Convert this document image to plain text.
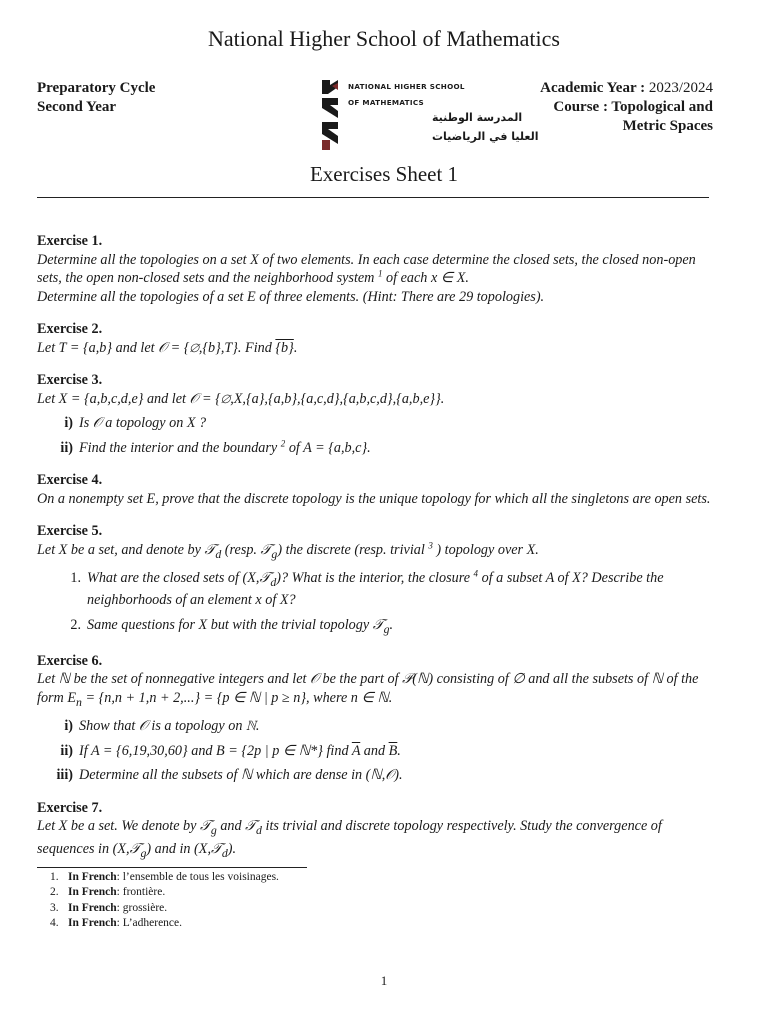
National Higher School of Mathematics
Preparatory Cycle
Second Year
NATIONAL HIGHER SCHOOL
OF MATHEMATICS
المدرسة الوطنية
العليا في الرياضيات
Academic Year : 2023/2024
Course : Topological and
Metric Spaces
Exercises Sheet 1
Exercise 1.
Determine all the topologies on a set X of two elements. In each case determine the closed sets, the closed non-open sets, the open non-closed sets and the neighborhood system $^1$ of each x ∈ X.
Determine all the topologies of a set E of three elements. (Hint: There are 29 topologies).
Exercise 2.
Let T = {a,b} and let 𝒪 = {∅,{b},T}. Find {b}.
Exercise 3.
Let X = {a,b,c,d,e} and let 𝒪 = {∅,X,{a},{a,b},{a,c,d},{a,b,c,d},{a,b,e}}.
i) Is 𝒪 a topology on X ?
ii) Find the interior and the boundary $^2$ of A = {a,b,c}.
Exercise 4.
On a nonempty set E, prove that the discrete topology is the unique topology for which all the singletons are open sets.
Exercise 5.
Let X be a set, and denote by 𝒯$_d$ (resp. 𝒯$_g$) the discrete (resp. trivial $^3$ ) topology over X.
1. What are the closed sets of (X,𝒯$_d$)? What is the interior, the closure $^4$ of a subset A of X? Describe the neighborhoods of an element x of X?
2. Same questions for X but with the trivial topology 𝒯$_g$.
Exercise 6.
Let ℕ be the set of nonnegative integers and let 𝒪 be the part of 𝒫(ℕ) consisting of ∅ and all the subsets of ℕ of the form $E_n = \{n,n + 1,n + 2,...\} = \{p$ ∈ ℕ | p ≥ n}, where n ∈ ℕ.
i) Show that 𝒪 is a topology on ℕ.
ii) If A = {6,19,30,60} and B = {2p | p ∈ ℕ*} find $\overline{A}$ and $\overline{B}$.
iii) Determine all the subsets of ℕ which are dense in (ℕ,𝒪).
Exercise 7.
Let X be a set. We denote by 𝒯$_g$ and 𝒯$_d$ its trivial and discrete topology respectively. Study the convergence of sequences in (X,𝒯$_g$) and in (X,𝒯$_d$).
1. In French : l’ensemble de tous les voisinages.
2. In French : frontière.
3. In French : grossière.
4. In French : L’adherence.
1
